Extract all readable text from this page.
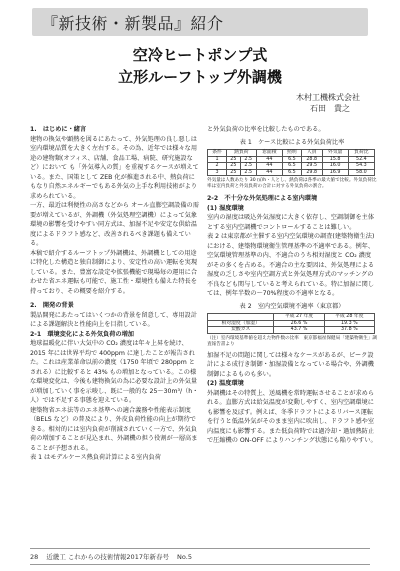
『新技術・新製品』紹介
空冷ヒートポンプ式
立形ルーフトップ外調機
木村工機株式会社
石田　貴之

1.　はじめに・緒言

建物の換気や顕熱を図るにあたって、外気処理の良し悪しは室内環境品質を大きく左右する。その為、近年では様々な用途の建物類(オフィス、店舗、食品工場、病院、研究施設など）において も「外気導入の質」を重視するケースが増えている。また、国策として ZEB 化が推進される中、熱負荷にもなり自然エネルギーでもある外気の上手な利用技術がより求められている。

一方、最近は利便性の高さなどから オール直膨空調設備の需要が増えているが、外調機（外気処理空調機）によって気象環境の影響を受けやすい同方式は、加湿不足や安定な供給温度によるドラフト感など、改善されるべき課題も備えている。

本稿で紹介するルーフトップ外調機は、外調機としての用途に特化した構造と独自制御により、安定性の高い運転を実現している。また、豊富な設定や拡張機能で現場毎の運用に合わせた省エネ運転も可能で、施工性・環境性も備えた特長を持っており、その概要を紹介する。

2.　開発の背景

製品開発にあたってはいくつかの背景を留意して、専用設計による課題解決と性能向上を目指している。

2-1　環境変化による外気負荷の増加

地球温暖化に伴い大気中の CO₂ 濃度は年々上昇を続け、2015 年には世界平均で 400ppm に達したことが報告された。これは産業革命以前の濃度（1750 年頃で 280ppm とされる）に比較すると 43% もの増加となっている。この様な環境変化は、今後も建物換気の為に必要な設計上の外気量が増加していく事を示唆し、既に一般的な 25～30m³/（h・人）では不足する事態を迎えている。

建築物省エネ法等のエネ基準への適合義務や性能表示制度（BELS など）の普及により、外皮負荷性能の向上が期待できる。相対的には室内負荷が削減されていく一方で、外気負荷の増加することが見込まれ、外調機の担う役割が一層高まることが予想される。

表 1 はモデルケース熱負荷計算による室内負荷

と外気負荷の比率を比較したものである。

表 1　ケース比較による外気負荷比率
条件	熱負荷		窓面積	照明	人員	外気量	負荷比
1	25	2.5	44	6.5	28.8	15.8	52.4
2	25	2.5	44	6.5	29.5	16.0	54.3
3	25	2.5	44	6.5	29.8	16.9	58.0
外気量は人数あたり 30 ㎥/h・人とし、熱負荷は各季の最大値で比較。外気負荷比率は室内負荷と外気負荷の合計に対する外気負荷の割合。

2-2　不十分な外気処理による室内環境

(1) 湿度環境

室内の湿度は吸込外気湿度に大きく依存し、空調制御を主体とする室内空調機でコントロールすることは難しい。

表 2 は東京都が主催する室内空気環境の調査(建築物衛生法)における、建築物環境衛生管理基準の不適率である。例年、空気環境管理基準の内、不適合のうち相対湿度と CO₂ 濃度がその多くを占める。不適合の主な要因は、外気処理による湿度の乏しさや室内空調方式と外気処理方式のマッチングの不良なども関与していると考えられている。特に加湿に関しては、例年半数の～70%程度の不適率となる。

表 2　室内空気環境不適率（東京都）
	平成 27 年度	平成 28 年度
相対湿度（加湿）	26.6 %	19.3 %
炭酸ガス	43.7 %	37.8 %
（注）室内環境基準値を超えた物件数の比率　東京都福祉保健局「建築物衛生」調査報告書より

加湿不足の問題に関しては様々なケースがあるが、ピーク設計による成行き制御・加湿設備となっている場合や、外調機制御によるものも多い。

(2) 温度環境

外調機はその特質上、送風機を常時運転させることが求められる。直膨方式は給気温度が変動しやすく、室内空調環境にも影響を及ぼす。例えば、冬季ドラフトによるリバース運転を行うと低温外気がそのまま室内に吹出し、ドラフト感や室内温度にも影響する。また低負荷時では過冷却・過加熱防止で圧縮機の ON-OFF によりハンチング状態にも陥りやすい。

28 近畿工 これからの技術情報2017年新春号 No.5
